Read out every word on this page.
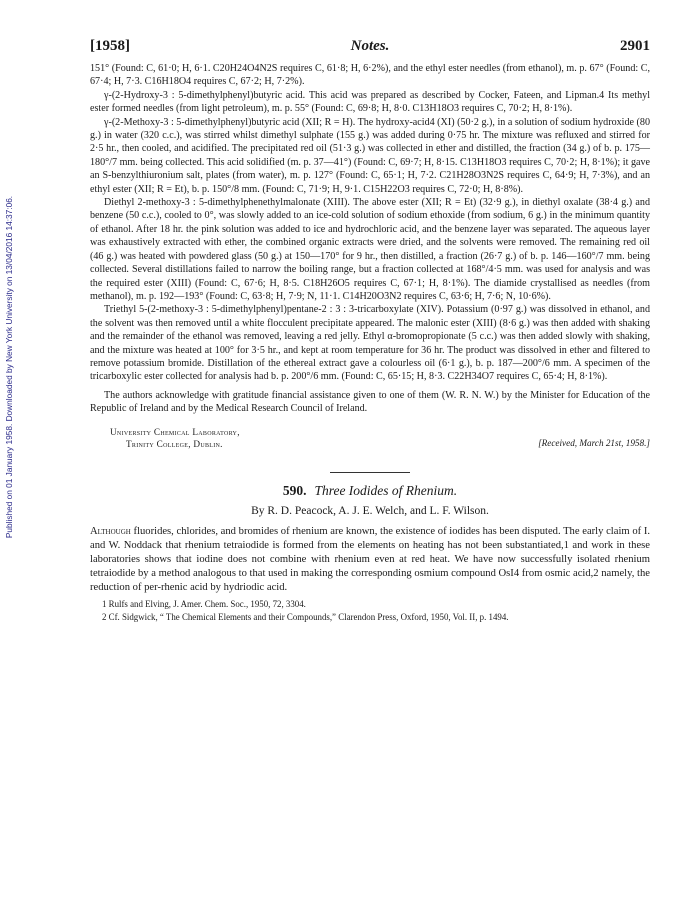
Published on 01 January 1958. Downloaded by New York University on 13/04/2016 14:37:06.
[1958]	Notes.	2901

151° (Found: C, 61·0; H, 6·1. C20H24O4N2S requires C, 61·8; H, 6·2%), and the ethyl ester needles (from ethanol), m. p. 67° (Found: C, 67·4; H, 7·3. C16H18O4 requires C, 67·2; H, 7·2%).

γ-(2-Hydroxy-3 : 5-dimethylphenyl)butyric acid. This acid was prepared as described by Cocker, Fateen, and Lipman.4 Its methyl ester formed needles (from light petroleum), m. p. 55° (Found: C, 69·8; H, 8·0. C13H18O3 requires C, 70·2; H, 8·1%).

γ-(2-Methoxy-3 : 5-dimethylphenyl)butyric acid (XII; R = H). The hydroxy-acid4 (XI) (50·2 g.), in a solution of sodium hydroxide (80 g.) in water (320 c.c.), was stirred whilst dimethyl sulphate (155 g.) was added during 0·75 hr. The mixture was refluxed and stirred for 2·5 hr., then cooled, and acidified. The precipitated red oil (51·3 g.) was collected in ether and distilled, the fraction (34 g.) of b. p. 175—180°/7 mm. being collected. This acid solidified (m. p. 37—41°) (Found: C, 69·7; H, 8·15. C13H18O3 requires C, 70·2; H, 8·1%); it gave an S-benzylthiuronium salt, plates (from water), m. p. 127° (Found: C, 65·1; H, 7·2. C21H28O3N2S requires C, 64·9; H, 7·3%), and an ethyl ester (XII; R = Et), b. p. 150°/8 mm. (Found: C, 71·9; H, 9·1. C15H22O3 requires C, 72·0; H, 8·8%).

Diethyl 2-methoxy-3 : 5-dimethylphenethylmalonate (XIII). The above ester (XII; R = Et) (32·9 g.), in diethyl oxalate (38·4 g.) and benzene (50 c.c.), cooled to 0°, was slowly added to an ice-cold solution of sodium ethoxide (from sodium, 6 g.) in the minimum quantity of ethanol. After 18 hr. the pink solution was added to ice and hydrochloric acid, and the benzene layer was separated. The aqueous layer was exhaustively extracted with ether, the combined organic extracts were dried, and the solvents were removed. The remaining red oil (46 g.) was heated with powdered glass (50 g.) at 150—170° for 9 hr., then distilled, a fraction (26·7 g.) of b. p. 146—160°/7 mm. being collected. Several distillations failed to narrow the boiling range, but a fraction collected at 168°/4·5 mm. was used for analysis and was the required ester (XIII) (Found: C, 67·6; H, 8·5. C18H26O5 requires C, 67·1; H, 8·1%). The diamide crystallised as needles (from methanol), m. p. 192—193° (Found: C, 63·8; H, 7·9; N, 11·1. C14H20O3N2 requires C, 63·6; H, 7·6; N, 10·6%).

Triethyl 5-(2-methoxy-3 : 5-dimethylphenyl)pentane-2 : 3 : 3-tricarboxylate (XIV). Potassium (0·97 g.) was dissolved in ethanol, and the solvent was then removed until a white flocculent precipitate appeared. The malonic ester (XIII) (8·6 g.) was then added with shaking and the remainder of the ethanol was removed, leaving a red jelly. Ethyl α-bromopropionate (5 c.c.) was then added slowly with shaking, and the mixture was heated at 100° for 3·5 hr., and kept at room temperature for 36 hr. The product was dissolved in ether and filtered to remove potassium bromide. Distillation of the ethereal extract gave a colourless oil (6·1 g.), b. p. 187—200°/6 mm. A specimen of the tricarboxylic ester collected for analysis had b. p. 200°/6 mm. (Found: C, 65·15; H, 8·3. C22H34O7 requires C, 65·4; H, 8·1%).

The authors acknowledge with gratitude financial assistance given to one of them (W. R. N. W.) by the Minister for Education of the Republic of Ireland and by the Medical Research Council of Ireland.

University Chemical Laboratory,
Trinity College, Dublin.	[Received, March 21st, 1958.]
590. Three Iodides of Rhenium.
By R. D. Peacock, A. J. E. Welch, and L. F. Wilson.

Although fluorides, chlorides, and bromides of rhenium are known, the existence of iodides has been disputed. The early claim of I. and W. Noddack that rhenium tetraiodide is formed from the elements on heating has not been substantiated,1 and work in these laboratories shows that iodine does not combine with rhenium even at red heat. We have now successfully isolated rhenium tetraiodide by a method analogous to that used in making the corresponding osmium compound OsI4 from osmic acid,2 namely, the reduction of per-rhenic acid by hydriodic acid.

1 Rulfs and Elving, J. Amer. Chem. Soc., 1950, 72, 3304.

2 Cf. Sidgwick, “ The Chemical Elements and their Compounds,” Clarendon Press, Oxford, 1950, Vol. II, p. 1494.
